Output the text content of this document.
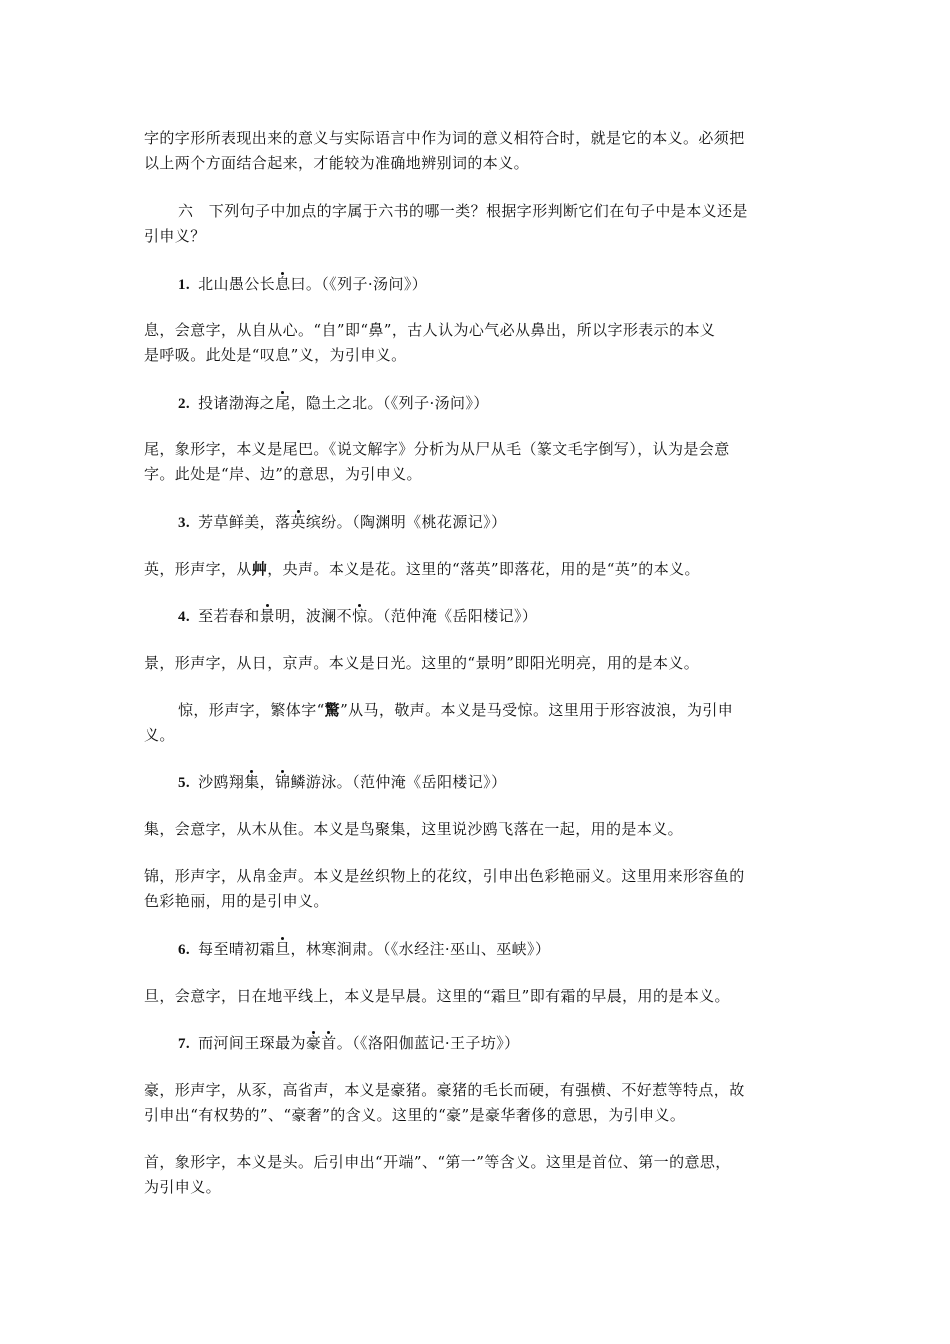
字的字形所表现出来的意义与实际语言中作为词的意义相符合时，就是它的本义。必须把
以上两个方面结合起来，才能较为准确地辨别词的本义。
六　下列句子中加点的字属于六书的哪一类？根据字形判断它们在句子中是本义还是
引申义？
1. 北山愚公长息曰。（《列子·汤问》）
息，会意字，从自从心。“自”即“鼻”，古人认为心气必从鼻出，所以字形表示的本义
是呼吸。此处是“叹息”义，为引申义。
2. 投诸渤海之尾，隐土之北。（《列子·汤问》）
尾，象形字，本义是尾巴。《说文解字》分析为从尸从毛（篆文毛字倒写），认为是会意
字。此处是“岸、边”的意思，为引申义。
3. 芳草鲜美，落英缤纷。（陶渊明《桃花源记》）
英，形声字，从艸，央声。本义是花。这里的“落英”即落花，用的是“英”的本义。
4. 至若春和景明，波澜不惊。（范仲淹《岳阳楼记》）
景，形声字，从日，京声。本义是日光。这里的“景明”即阳光明亮，用的是本义。
惊，形声字，繁体字“驚”从马，敬声。本义是马受惊。这里用于形容波浪，为引申
义。
5. 沙鸥翔集，锦鳞游泳。（范仲淹《岳阳楼记》）
集，会意字，从木从隹。本义是鸟聚集，这里说沙鸥飞落在一起，用的是本义。
锦，形声字，从帛金声。本义是丝织物上的花纹，引申出色彩艳丽义。这里用来形容鱼的
色彩艳丽，用的是引申义。
6. 每至晴初霜旦，林寒涧肃。（《水经注·巫山、巫峡》）
旦，会意字，日在地平线上，本义是早晨。这里的“霜旦”即有霜的早晨，用的是本义。
7. 而河间王琛最为豪首。（《洛阳伽蓝记·王子坊》）
豪，形声字，从豕，高省声，本义是豪猪。豪猪的毛长而硬，有强横、不好惹等特点，故
引申出“有权势的”、“豪奢”的含义。这里的“豪”是豪华奢侈的意思，为引申义。
首，象形字，本义是头。后引申出“开端”、“第一”等含义。这里是首位、第一的意思，
为引申义。
